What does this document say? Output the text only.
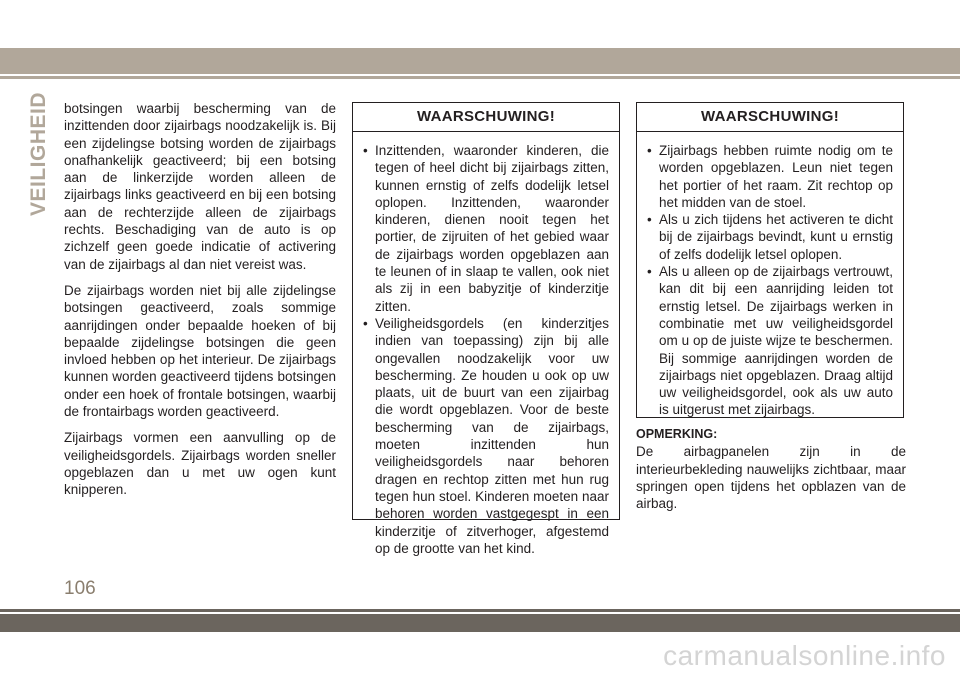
VEILIGHEID botsingen waarbij bescherming van de inzittenden door zijairbags noodzakelijk is. Bij een zijdelingse botsing worden de zijairbags onafhankelijk geactiveerd; bij een botsing aan de linkerzijde worden alleen de zijairbags links geactiveerd en bij een botsing aan de rechterzijde alleen de zijairbags rechts. Beschadiging van de auto is op zichzelf geen goede indicatie of activering van de zijairbags al dan niet vereist was.

De zijairbags worden niet bij alle zijdelingse botsingen geactiveerd, zoals sommige aanrijdingen onder bepaalde hoeken of bij bepaalde zijdelingse botsingen die geen invloed hebben op het interieur. De zijairbags kunnen worden geactiveerd tijdens botsingen onder een hoek of frontale botsingen, waarbij de frontairbags worden geactiveerd.

Zijairbags vormen een aanvulling op de veiligheidsgordels. Zijairbags worden sneller opgeblazen dan u met uw ogen kunt knipperen.

WAARSCHUWING!
• Inzittenden, waaronder kinderen, die tegen of heel dicht bij zijairbags zitten, kunnen ernstig of zelfs dodelijk letsel oplopen. Inzittenden, waaronder kinderen, dienen nooit tegen het portier, de zijruiten of het gebied waar de zijairbags worden opgeblazen aan te leunen of in slaap te vallen, ook niet als zij in een babyzitje of kinderzitje zitten.
• Veiligheidsgordels (en kinderzitjes indien van toepassing) zijn bij alle ongevallen noodzakelijk voor uw bescherming. Ze houden u ook op uw plaats, uit de buurt van een zijairbag die wordt opgeblazen. Voor de beste bescherming van de zijairbags, moeten inzittenden hun veiligheidsgordels naar behoren dragen en rechtop zitten met hun rug tegen hun stoel. Kinderen moeten naar behoren worden vastgegespt in een kinderzitje of zitverhoger, afgestemd op de grootte van het kind.
WAARSCHUWING!
• Zijairbags hebben ruimte nodig om te worden opgeblazen. Leun niet tegen het portier of het raam. Zit rechtop op het midden van de stoel.
• Als u zich tijdens het activeren te dicht bij de zijairbags bevindt, kunt u ernstig of zelfs dodelijk letsel oplopen.
• Als u alleen op de zijairbags vertrouwt, kan dit bij een aanrijding leiden tot ernstig letsel. De zijairbags werken in combinatie met uw veiligheidsgordel om u op de juiste wijze te beschermen. Bij sommige aanrijdingen worden de zijairbags niet opgeblazen. Draag altijd uw veiligheidsgordel, ook als uw auto is uitgerust met zijairbags.
OPMERKING:
De airbagpanelen zijn in de interieurbekleding nauwelijks zichtbaar, maar springen open tijdens het opblazen van de airbag.
106
carmanualsonline.info
